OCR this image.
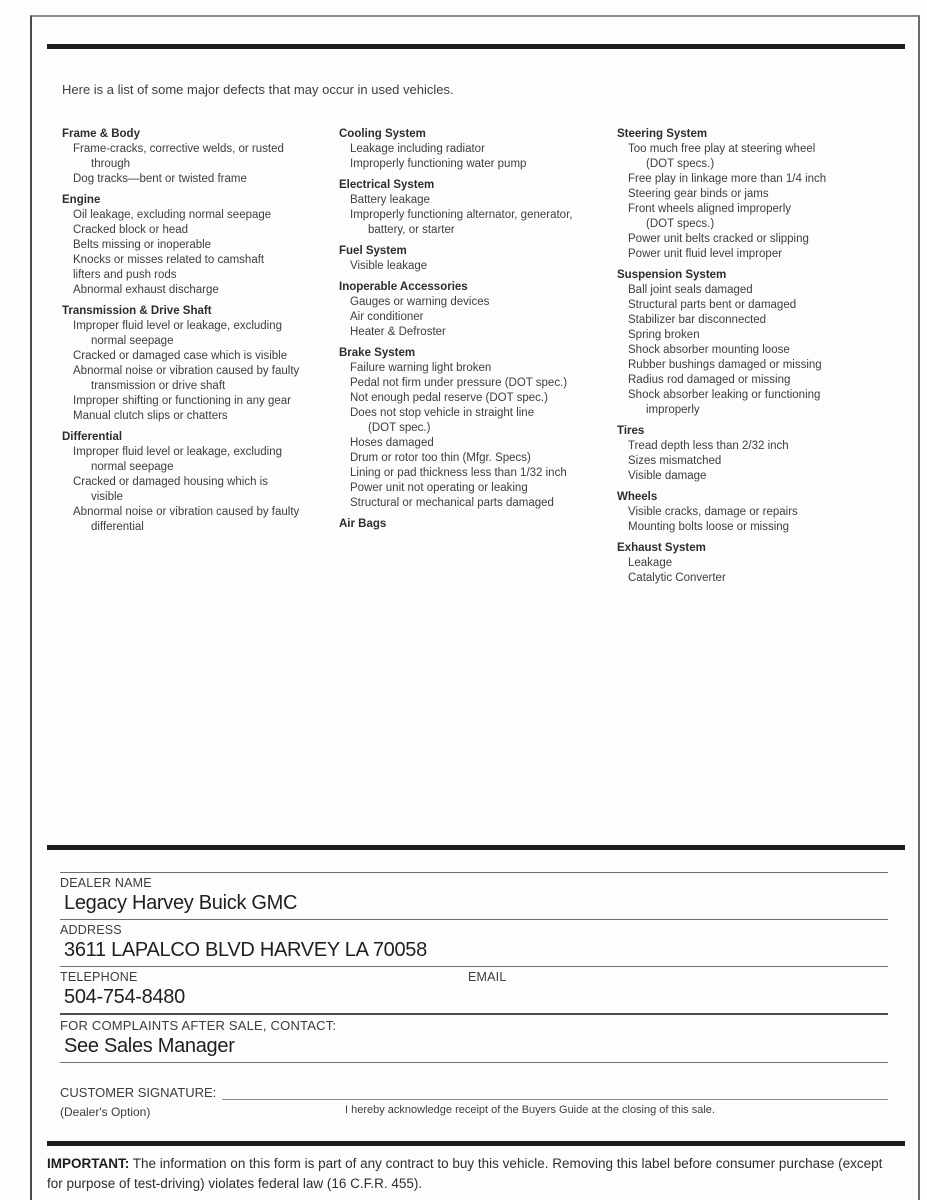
Here is a list of some major defects that may occur in used vehicles.
Frame & Body
Frame-cracks, corrective welds, or rusted
through
Dog tracks—bent or twisted frame
Engine
Oil leakage, excluding normal seepage
Cracked block or head
Belts missing or inoperable
Knocks or misses related to camshaft
lifters and push rods
Abnormal exhaust discharge
Transmission & Drive Shaft
Improper fluid level or leakage, excluding
normal seepage
Cracked or damaged case which is visible
Abnormal noise or vibration caused by faulty
transmission or drive shaft
Improper shifting or functioning in any gear
Manual clutch slips or chatters
Differential
Improper fluid level or leakage, excluding
normal seepage
Cracked or damaged housing which is
visible
Abnormal noise or vibration caused by faulty
differential
Cooling System
Leakage including radiator
Improperly functioning water pump
Electrical System
Battery leakage
Improperly functioning alternator, generator,
battery, or starter
Fuel System
Visible leakage
Inoperable Accessories
Gauges or warning devices
Air conditioner
Heater & Defroster
Brake System
Failure warning light broken
Pedal not firm under pressure (DOT spec.)
Not enough pedal reserve (DOT spec.)
Does not stop vehicle in straight line
(DOT spec.)
Hoses damaged
Drum or rotor too thin (Mfgr. Specs)
Lining or pad thickness less than 1/32 inch
Power unit not operating or leaking
Structural or mechanical parts damaged
Air Bags
Steering System
Too much free play at steering wheel
(DOT specs.)
Free play in linkage more than 1/4 inch
Steering gear binds or jams
Front wheels aligned improperly
(DOT specs.)
Power unit belts cracked or slipping
Power unit fluid level improper
Suspension System
Ball joint seals damaged
Structural parts bent or damaged
Stabilizer bar disconnected
Spring broken
Shock absorber mounting loose
Rubber bushings damaged or missing
Radius rod damaged or missing
Shock absorber leaking or functioning
improperly
Tires
Tread depth less than 2/32 inch
Sizes mismatched
Visible damage
Wheels
Visible cracks, damage or repairs
Mounting bolts loose or missing
Exhaust System
Leakage
Catalytic Converter
DEALER NAME
Legacy Harvey Buick GMC
ADDRESS
3611 LAPALCO BLVD HARVEY LA 70058
TELEPHONE	EMAIL
504-754-8480
FOR COMPLAINTS AFTER SALE, CONTACT:
See Sales Manager
CUSTOMER SIGNATURE:
(Dealer's Option)	I hereby acknowledge receipt of the Buyers Guide at the closing of this sale.
IMPORTANT: The information on this form is part of any contract to buy this vehicle. Removing this label before consumer purchase (except for purpose of test-driving) violates federal law (16 C.F.R. 455).
